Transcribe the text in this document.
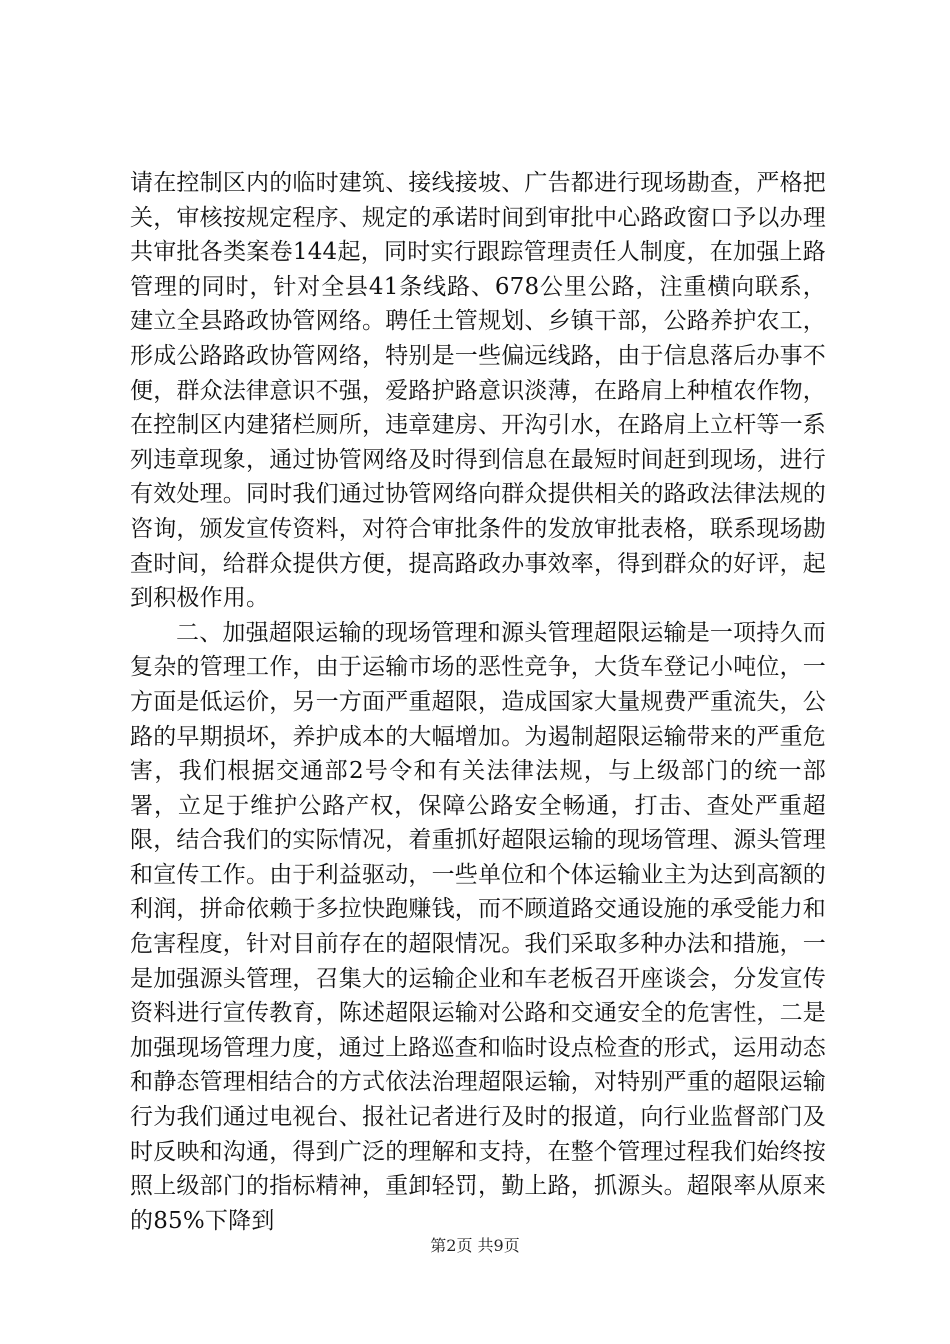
请在控制区内的临时建筑、接线接坡、广告都进行现场勘查，严格把关，审核按规定程序、规定的承诺时间到审批中心路政窗口予以办理共审批各类案卷144起，同时实行跟踪管理责任人制度，在加强上路管理的同时，针对全县41条线路、678公里公路，注重横向联系，建立全县路政协管网络。聘任土管规划、乡镇干部，公路养护农工，形成公路路政协管网络，特别是一些偏远线路，由于信息落后办事不便，群众法律意识不强，爱路护路意识淡薄，在路肩上种植农作物，在控制区内建猪栏厕所，违章建房、开沟引水，在路肩上立杆等一系列违章现象，通过协管网络及时得到信息在最短时间赶到现场，进行有效处理。同时我们通过协管网络向群众提供相关的路政法律法规的咨询，颁发宣传资料，对符合审批条件的发放审批表格，联系现场勘查时间，给群众提供方便，提高路政办事效率，得到群众的好评，起到积极作用。

二、加强超限运输的现场管理和源头管理超限运输是一项持久而复杂的管理工作，由于运输市场的恶性竞争，大货车登记小吨位，一方面是低运价，另一方面严重超限，造成国家大量规费严重流失，公路的早期损坏，养护成本的大幅增加。为遏制超限运输带来的严重危害，我们根据交通部2号令和有关法律法规，与上级部门的统一部署，立足于维护公路产权，保障公路安全畅通，打击、查处严重超限，结合我们的实际情况，着重抓好超限运输的现场管理、源头管理和宣传工作。由于利益驱动，一些单位和个体运输业主为达到高额的利润，拼命依赖于多拉快跑赚钱，而不顾道路交通设施的承受能力和危害程度，针对目前存在的超限情况。我们采取多种办法和措施，一是加强源头管理，召集大的运输企业和车老板召开座谈会，分发宣传资料进行宣传教育，陈述超限运输对公路和交通安全的危害性，二是加强现场管理力度，通过上路巡查和临时设点检查的形式，运用动态和静态管理相结合的方式依法治理超限运输，对特别严重的超限运输行为我们通过电视台、报社记者进行及时的报道，向行业监督部门及时反映和沟通，得到广泛的理解和支持，在整个管理过程我们始终按照上级部门的指标精神，重卸轻罚，勤上路，抓源头。超限率从原来的85%下降到

第2页 共9页
